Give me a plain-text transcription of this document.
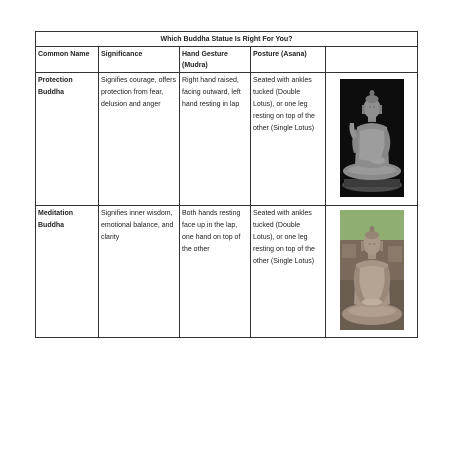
Which Buddha Statue Is Right For You?				
Common Name	Significance	Hand Gesture (Mudra)	Posture (Asana)	
Protection Buddha	Signifies courage, offers protection from fear, delusion and anger	Right hand raised, facing outward, left hand resting in lap	Seated with ankles tucked (Double Lotus), or one leg resting on top of the other (Single Lotus)	

Meditation Buddha	Signifies inner wisdom, emotional balance, and clarity	Both hands resting face up in the lap, one hand on top of the other	Seated with ankles tucked (Double Lotus), or one leg resting on top of the other (Single Lotus)	
